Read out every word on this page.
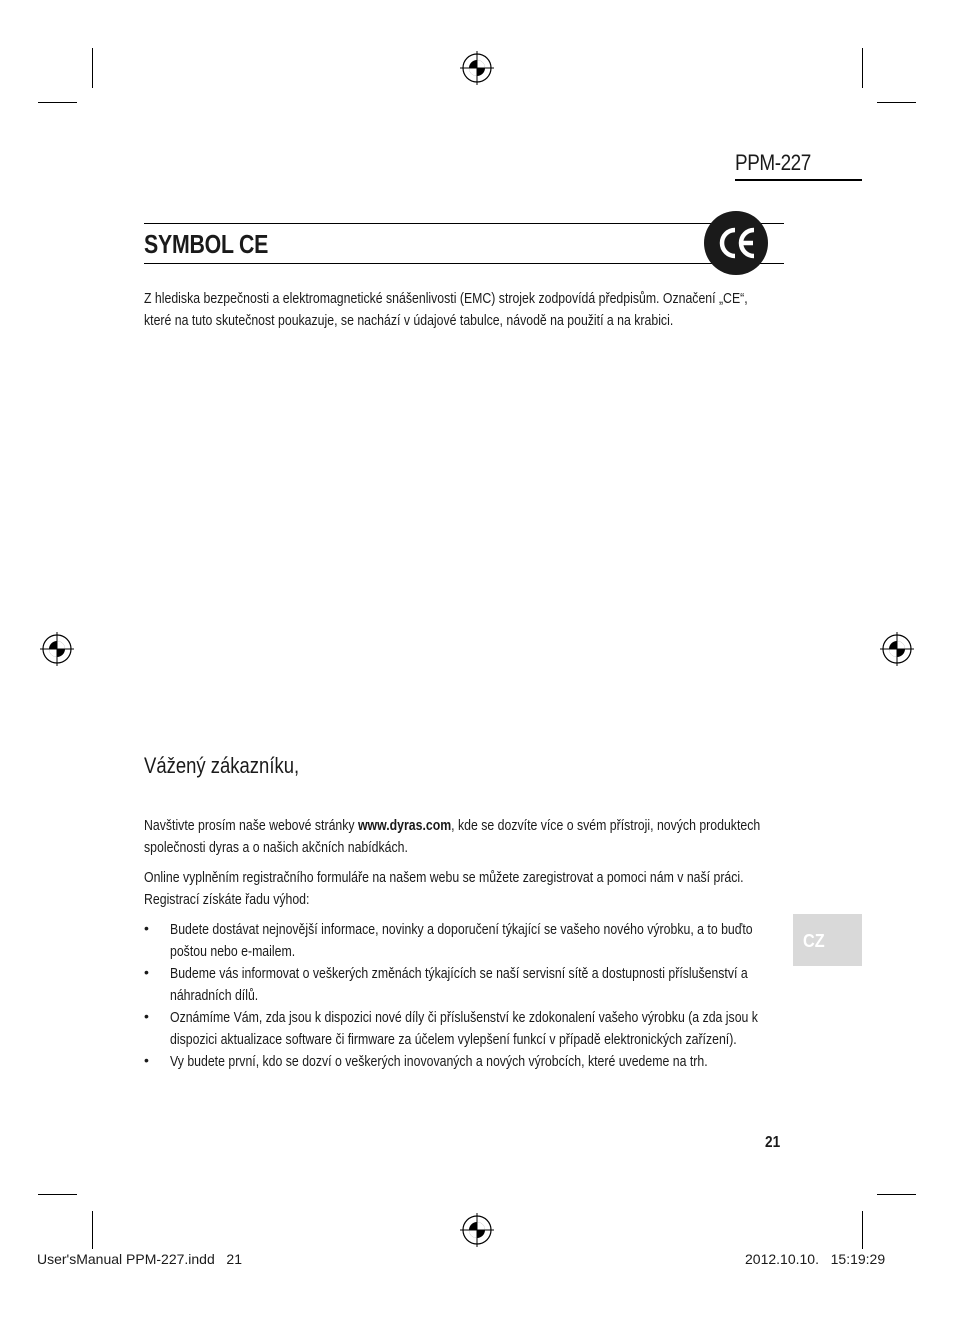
PPM-227
SYMBOL CE
Z hlediska bezpečnosti a elektromagnetické snášenlivosti (EMC) strojek zodpovídá předpisům. Označení „CE“,
které na tuto skutečnost poukazuje, se nachází v údajové tabulce, návodě na použití a na krabici.
Vážený zákazníku,
Navštivte prosím naše webové stránky www.dyras.com, kde se dozvíte více o svém přístroji, nových produktech
společnosti dyras a o našich akčních nabídkách.
Online vyplněním registračního formuláře na našem webu se můžete zaregistrovat a pomoci nám v naší práci.
Registrací získáte řadu výhod:
• Budete dostávat nejnovější informace, novinky a doporučení týkající se vašeho nového výrobku, a to buďto
poštou nebo e-mailem.
• Budeme vás informovat o veškerých změnách týkajících se naší servisní sítě a dostupnosti příslušenství a
náhradních dílů.
• Oznámíme Vám, zda jsou k dispozici nové díly či příslušenství ke zdokonalení vašeho výrobku (a zda jsou k
dispozici aktualizace software či firmware za účelem vylepšení funkcí v případě elektronických zařízení).
• Vy budete první, kdo se dozví o veškerých inovovaných a nových výrobcích, které uvedeme na trh.
CZ
21
User'sManual PPM-227.indd   21	2012.10.10.   15:19:29
